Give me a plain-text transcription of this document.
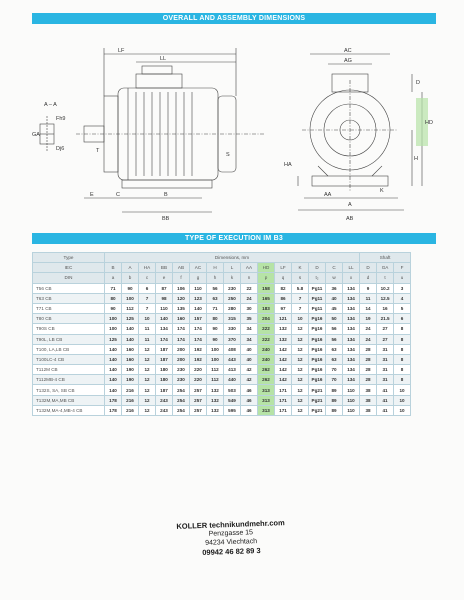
OVERALL AND ASSEMBLY DIMENSIONS
A – A
Fh9
GA
Dj6	T
LF
LL
E	C	B
BB
S
AC
AG
D
HD
H
HA
AA
K
A
AB
TYPE OF EXECUTION IM B3
Type	Dimensions, mm															Shaft		
IEC	B	A	HA	BB	AB	AC	H	L	AA	HD	LF	K	D	C	LL	D	GA	F
DIN	a	b	c	e	f	g	h	k	n	p	q	s	t₂	w	x	d	t	u
T56 CB	71	90	6	87	106	110	56	230	22	158	82	5.8	Pg11	36	134	9	10.2	3
T63 CB	80	100	7	98	120	123	63	250	24	165	86	7	Pg11	40	134	11	12.5	4
T71 CB	90	112	7	110	135	140	71	280	30	183	97	7	Pg11	45	134	14	16	5
T80 CB	100	125	10	140	160	157	80	315	35	204	121	10	Pg16	50	134	19	21.5	6
T90S CB	100	140	11	134	174	174	90	330	34	222	132	12	Pg16	56	134	24	27	8
T90L, LB CB	125	140	11	174	174	174	90	370	34	222	132	12	Pg16	56	134	24	27	8
T100, LA,LB CB	140	160	12	187	200	192	100	408	40	240	142	12	Pg16	63	134	28	31	8
T100LC-4 CB	140	160	12	187	200	192	100	443	40	240	142	12	Pg16	63	134	28	31	8
T112M CB	140	190	12	180	230	220	112	413	42	262	142	12	Pg16	70	134	28	31	8
T112MB-4 CB	140	190	12	180	230	220	112	440	42	262	142	12	Pg16	70	134	28	31	8
T132S, SA, SB CB	140	216	12	187	254	257	132	503	46	313	171	12	Pg21	89	110	38	41	10
T132M,MA,MB CB	178	216	12	243	254	257	132	549	46	313	171	12	Pg21	89	110	38	41	10
T132M,MA-4,MB-4 CB	178	216	12	243	254	257	132	595	46	313	171	12	Pg21	89	110	38	41	10
KOLLER technikundmehr.com
Penzgasse 15
94234 Viechtach
09942 46 82 89 3
